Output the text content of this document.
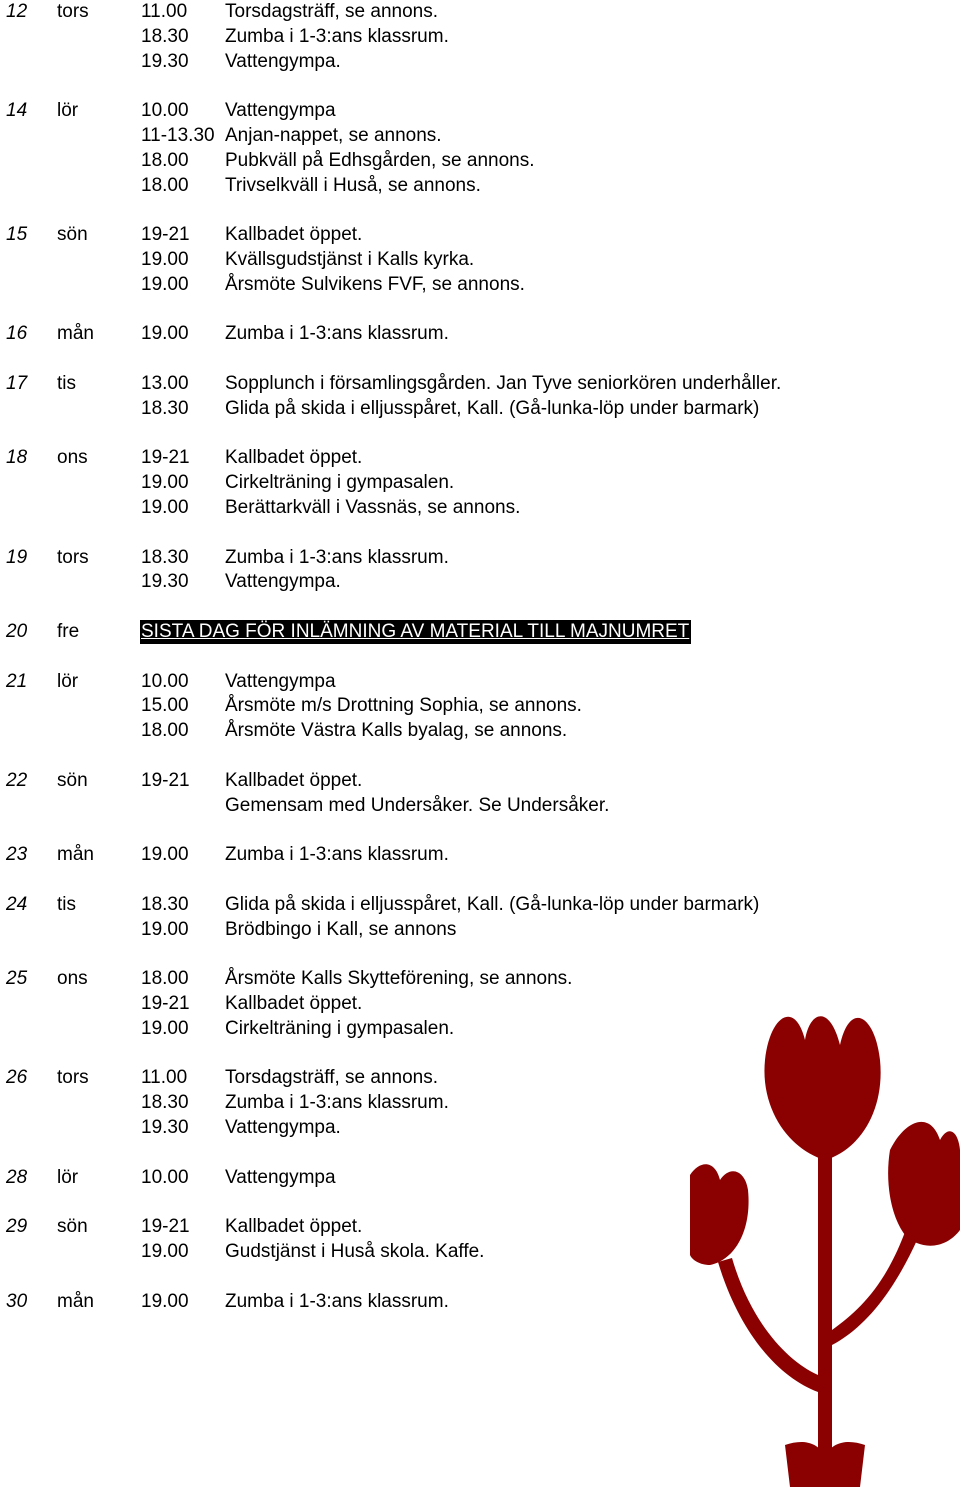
12 tors	11.00 Torsdagsträff, se annons.
18.30 Zumba i 1-3:ans klassrum.
19.30 Vattengympa.
14 lör	10.00 Vattengympa
11-13.30 Anjan-nappet, se annons.
18.00 Pubkväll på Edhsgården, se annons.
18.00 Trivselkväll i Huså, se annons.
15 sön	19-21 Kallbadet öppet.
19.00 Kvällsgudstjänst i Kalls kyrka.
19.00 Årsmöte Sulvikens FVF, se annons.
16 mån 19.00 Zumba i 1-3:ans klassrum.
17 tis	13.00 Sopplunch i församlingsgården. Jan Tyve seniorkören underhåller.
18.30 Glida på skida i elljusspåret, Kall. (Gå-lunka-löp under barmark)
18 ons	19-21 Kallbadet öppet.
19.00 Cirkelträning i gympasalen.
19.00 Berättarkväll i Vassnäs, se annons.
19 tors	18.30 Zumba i 1-3:ans klassrum.
19.30 Vattengympa.
20 fre	SISTA DAG FÖR INLÄMNING AV MATERIAL TILL MAJNUMRET
21 lör	10.00 Vattengympa
15.00 Årsmöte m/s Drottning Sophia, se annons.
18.00 Årsmöte Västra Kalls byalag, se annons.
22 sön	19-21 Kallbadet öppet.
Gemensam med Undersåker. Se Undersåker.
23 mån 19.00 Zumba i 1-3:ans klassrum.
24 tis	18.30 Glida på skida i elljusspåret, Kall. (Gå-lunka-löp under barmark)
19.00 Brödbingo i Kall, se annons
25 ons	18.00 Årsmöte Kalls Skytteförening, se annons.
19-21 Kallbadet öppet.
19.00 Cirkelträning i gympasalen.
26 tors	11.00 Torsdagsträff, se annons.
18.30 Zumba i 1-3:ans klassrum.
19.30 Vattengympa.
28 lör	10.00 Vattengympa
29 sön	19-21 Kallbadet öppet.
19.00 Gudstjänst i Huså skola. Kaffe.
30 mån 19.00 Zumba i 1-3:ans klassrum.
